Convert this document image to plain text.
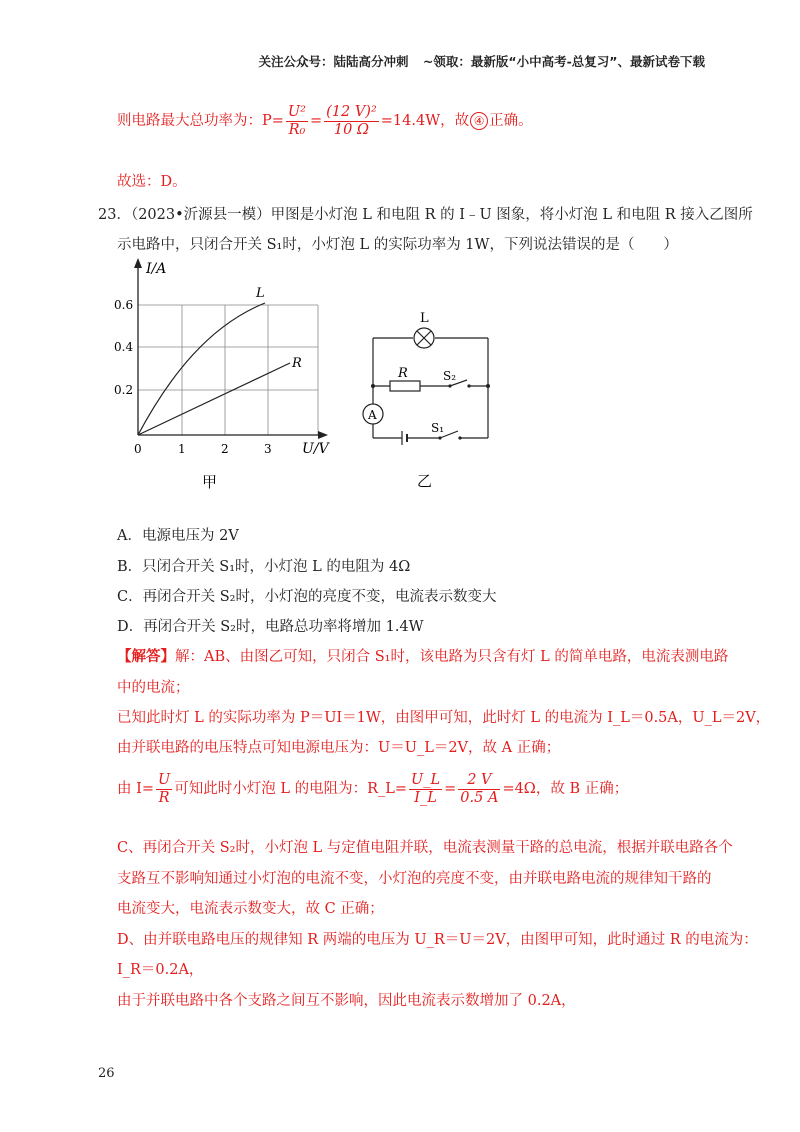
关注公众号：陆陆高分冲刺 ~领取：最新版“小中高考-总复习”、最新试卷下载
则电路最大总功率为：$P= \frac{\text{U²}}{\text{R₀}} = \frac{\text{(12 V)²}}{10 \Omega} =14.4W$，故 ④ 正确。
故选：D。
23．（2023•沂源县一模）甲图是小灯泡 L 和电阻 R 的 I﹣U 图象，将小灯泡 L 和电阻 R 接入乙图所
示电路中，只闭合开关 S₁时，小灯泡 L 的实际功率为 1W，下列说法错误的是（　　）
I/A
U/V
0.2
0.4
0.6
0	1	2	3
L
R
甲
L
R	S₂
A
S₁
乙
A．电源电压为 2V
B．只闭合开关 S₁时，小灯泡 L 的电阻为 4Ω
C．再闭合开关 S₂时，小灯泡的亮度不变，电流表示数变大
D．再闭合开关 S₂时，电路总功率将增加 1.4W
【解答】解：AB、由图乙可知，只闭合 S₁时，该电路为只含有灯 L 的简单电路，电流表测电路
中的电流；
已知此时灯 L 的实际功率为 P＝UI＝1W，由图甲可知，此时灯 L 的电流为 I_L＝0.5A，U_L＝2V，
由并联电路的电压特点可知电源电压为：U＝U_L＝2V，故 A 正确；
由 $I= \frac{U}{R}$ 可知此时小灯泡 L 的电阻为：R_L= $\frac{U\_L}{I\_L} = \frac{2 V}{0.5 A} =4\Omega$，故 B 正确；
C、再闭合开关 S₂时，小灯泡 L 与定值电阻并联，电流表测量干路的总电流，根据并联电路各个
支路互不影响知通过小灯泡的电流不变，小灯泡的亮度不变，由并联电路电流的规律知干路的
电流变大，电流表示数变大，故 C 正确；
D、由并联电路电压的规律知 R 两端的电压为 U_R＝U＝2V，由图甲可知，此时通过 R 的电流为：
I_R＝0.2A，
由于并联电路中各个支路之间互不影响，因此电流表示数增加了 0.2A，
26
